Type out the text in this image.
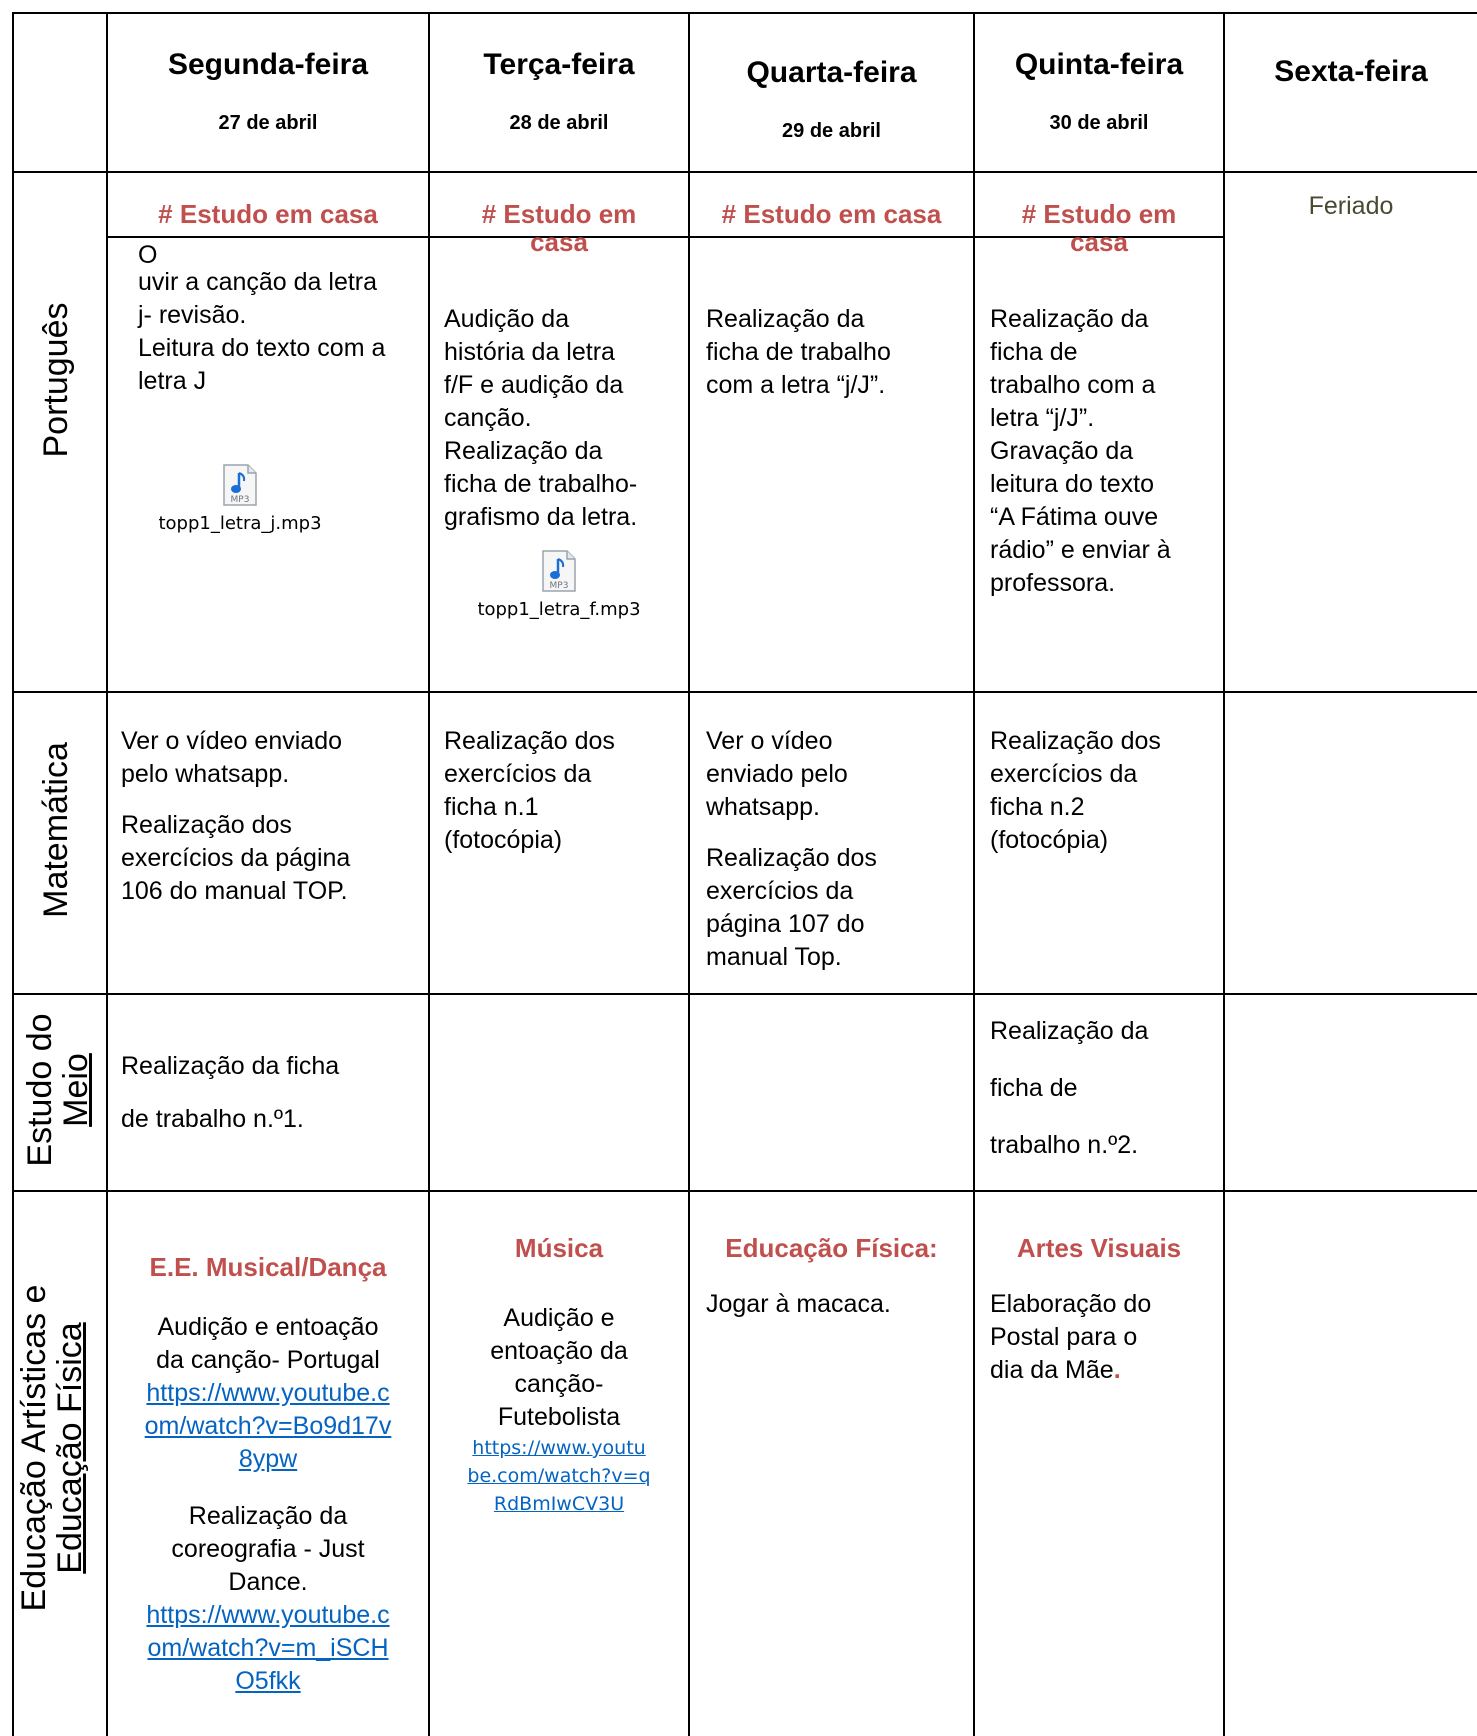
Segunda-feira
27 de abril
Terça-feira
28 de abril
Quarta-feira
29 de abril
Quinta-feira
30 de abril
Sexta-feira
Português
Matemática
Estudo do
Meio
Educação Artísticas e
Educação Física
# Estudo em casa	# Estudo em
casa
# Estudo em casa	# Estudo em
casa
Feriado
O
uvir a canção da letra
j- revisão.
Leitura do texto com a
letra J
MP3
topp1_letra_j.mp3
Audição da
história da letra
f/F e audição da
canção.
Realização da
ficha de trabalho-
grafismo da letra.
MP3
topp1_letra_f.mp3
Realização da
ficha de trabalho
com a letra “j/J”.
Realização da
ficha de
trabalho com a
letra “j/J”.
Gravação da
leitura do texto
“A Fátima ouve
rádio” e enviar à
professora.
Ver o vídeo enviado
pelo whatsapp.
Realização dos
exercícios da página
106 do manual TOP.
Realização dos
exercícios da
ficha n.1
(fotocópia)
Ver o vídeo
enviado pelo
whatsapp.
Realização dos
exercícios da
página 107 do
manual Top.
Realização dos
exercícios da
ficha n.2
(fotocópia)
Realização da ficha
de trabalho n.º1.
Realização da
ficha de
trabalho n.º2.
E.E. Musical/Dança
Audição e entoação
da canção- Portugal
https://www.youtube.c
om/watch?v=Bo9d17v
8ypw
Realização da
coreografia - Just
Dance.
https://www.youtube.c
om/watch?v=m_iSCH
O5fkk
Música
Audição e
entoação da
canção-
Futebolista
https://www.youtu
be.com/watch?v=q
RdBmIwCV3U
Educação Física:
Jogar à macaca.
Artes Visuais
Elaboração do
Postal para o
dia da Mãe.
